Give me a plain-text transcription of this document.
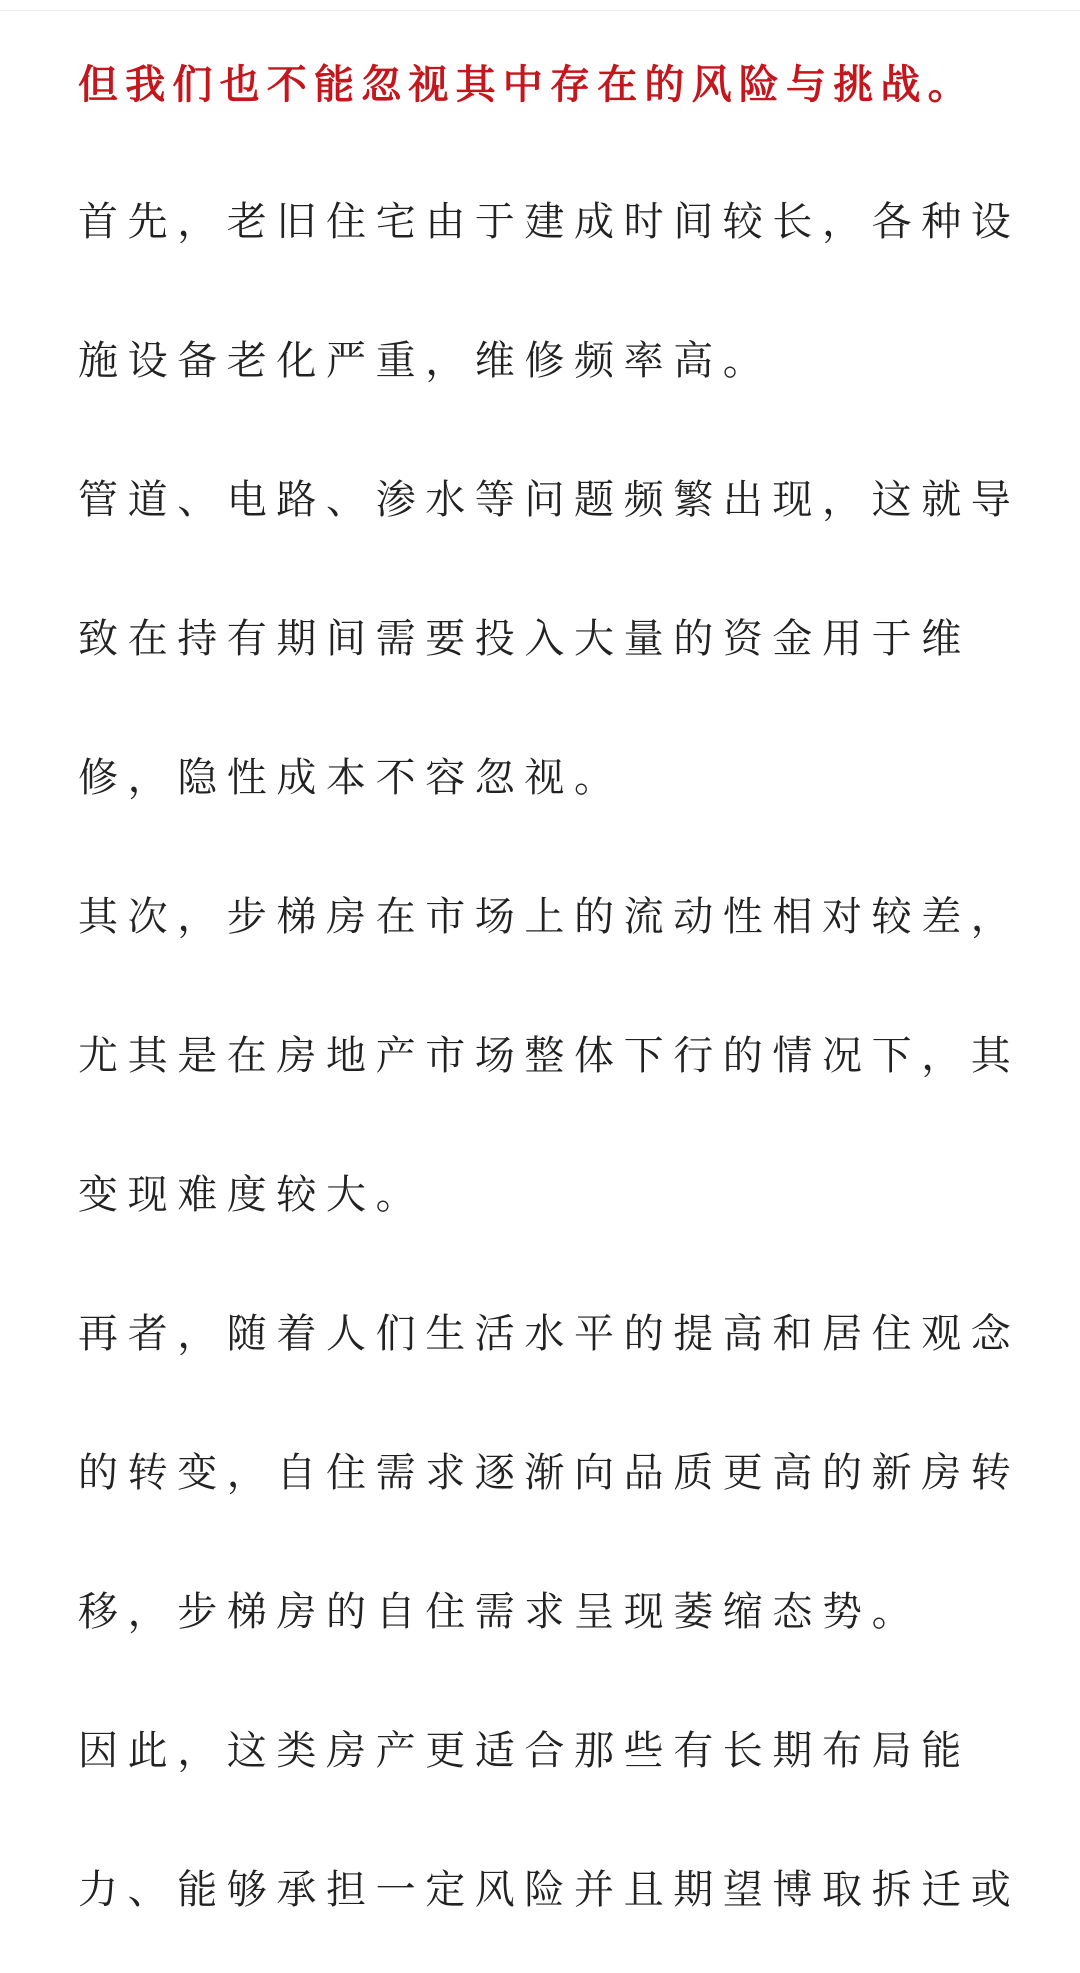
但我们也不能忽视其中存在的风险与挑战。
首先，老旧住宅由于建成时间较长，各种设
施设备老化严重，维修频率高。
管道、电路、渗水等问题频繁出现，这就导
致在持有期间需要投入大量的资金用于维
修，隐性成本不容忽视。
其次，步梯房在市场上的流动性相对较差，
尤其是在房地产市场整体下行的情况下，其
变现难度较大。
再者，随着人们生活水平的提高和居住观念
的转变，自住需求逐渐向品质更高的新房转
移，步梯房的自住需求呈现萎缩态势。
因此，这类房产更适合那些有长期布局能
力、能够承担一定风险并且期望博取拆迁或
